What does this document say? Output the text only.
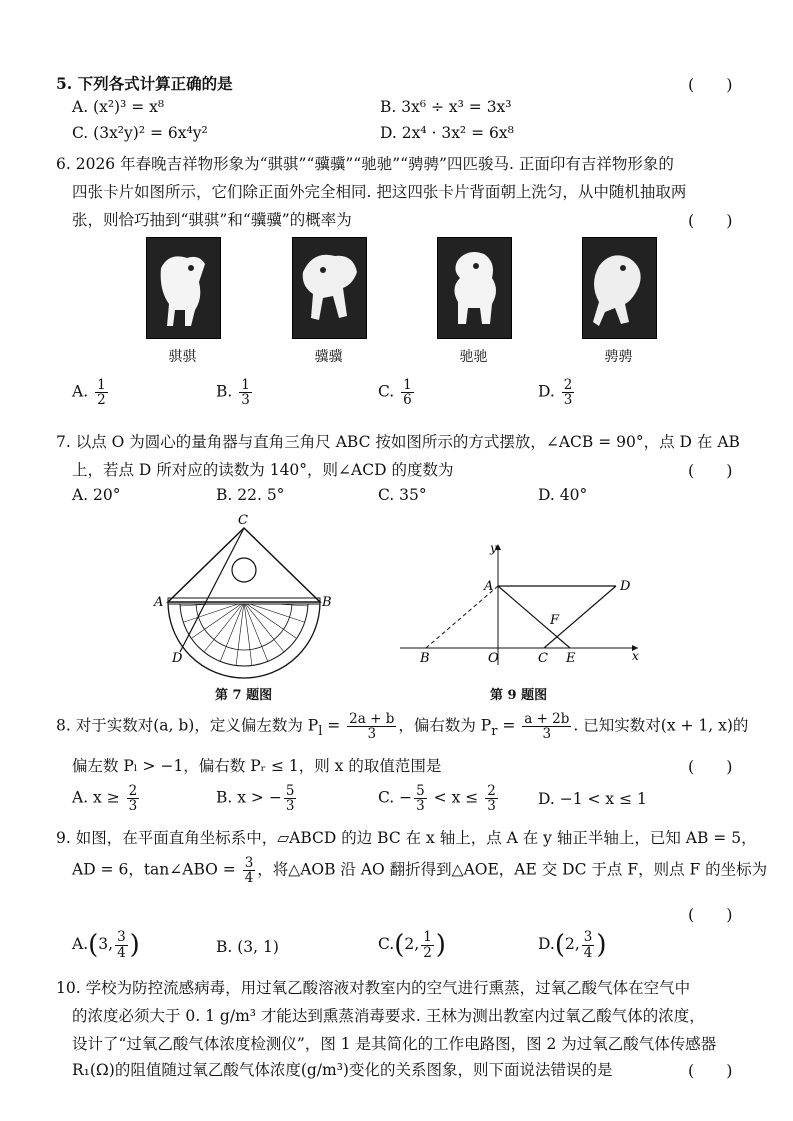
5. 下列各式计算正确的是	(　　)
A. (x²)³ = x⁸	B. 3x⁶ ÷ x³ = 3x³
C. (3x²y)² = 6x⁴y²	D. 2x⁴ · 3x² = 6x⁸
6. 2026 年春晚吉祥物形象为“骐骐”“骥骥”“驰驰”“骋骋”四匹骏马. 正面印有吉祥物形象的
四张卡片如图所示，它们除正面外完全相同. 把这四张卡片背面朝上洗匀，从中随机抽取两
张，则恰巧抽到“骐骐”和“骥骥”的概率为	(　　)
骐骐	骥骥	驰驰	骋骋
A. $\frac{1}{2}$	B. $\frac{1}{3}$	C. $\frac{1}{6}$	D. $\frac{2}{3}$
7. 以点 O 为圆心的量角器与直角三角尺 ABC 按如图所示的方式摆放，∠ACB = 90°，点 D 在 AB
上，若点 D 所对应的读数为 140°，则∠ACD 的度数为	(　　)
A. 20°	B. 22. 5°	C. 35°	D. 40°
C
A	B
D
第 7 题图
y
x
A	D
F
B	O	C E
第 9 题图
8. 对于实数对(a, b)，定义偏左数为 $P_l = \frac{2a + b}{3}$ ，偏右数为 $P_r = \frac{a + 2b}{3}$ . 已知实数对(x + 1, x)的
偏左数 Pₗ > −1，偏右数 Pᵣ ≤ 1，则 x 的取值范围是	(　　)
A. $x \ge \frac{2}{3}$	B. x > − $\frac{5}{3}$	C. − $\frac{5}{3} < x \le \frac{2}{3}$	D. −1 < x ≤ 1
9. 如图，在平面直角坐标系中，▱ABCD 的边 BC 在 x 轴上，点 A 在 y 轴正半轴上，已知 AB = 5，
AD = 6，tan∠ABO = $\frac{3}{4}$ ，将△AOB 沿 AO 翻折得到△AOE，AE 交 DC 于点 F，则点 F 的坐标为
(　　)
A.(3, $\frac{3}{4}$ )	B. (3, 1)	C.(2, $\frac{1}{2}$ )	D.(2, $\frac{3}{4}$ )
10. 学校为防控流感病毒，用过氧乙酸溶液对教室内的空气进行熏蒸，过氧乙酸气体在空气中
的浓度必须大于 0. 1 g/m³ 才能达到熏蒸消毒要求. 王林为测出教室内过氧乙酸气体的浓度，
设计了“过氧乙酸气体浓度检测仪”，图 1 是其简化的工作电路图，图 2 为过氧乙酸气体传感器
R₁(Ω)的阻值随过氧乙酸气体浓度(g/m³)变化的关系图象，则下面说法错误的是	(　　)
